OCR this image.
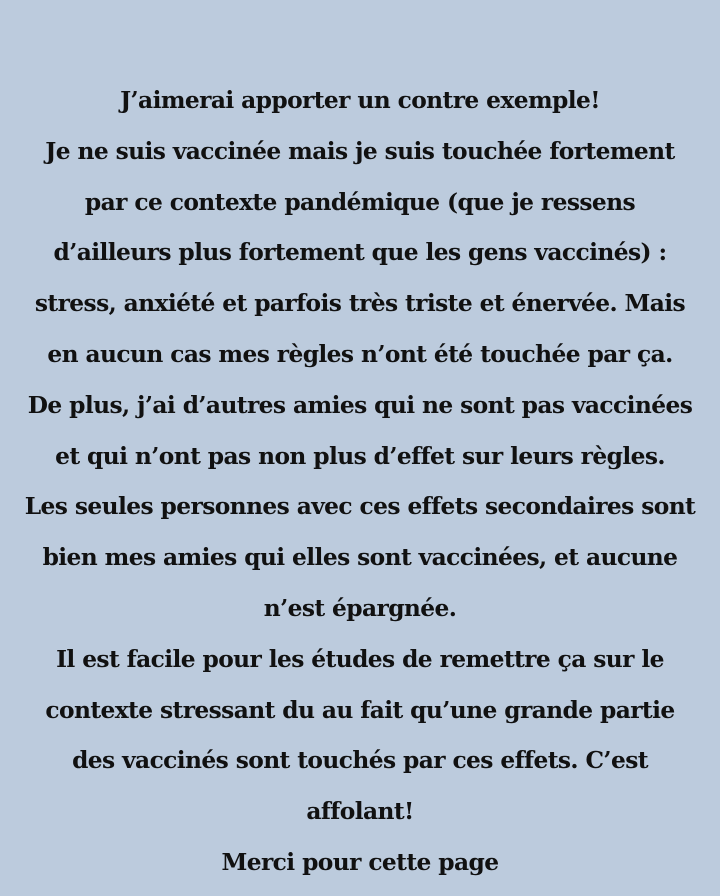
J’aimerai apporter un contre exemple!
Je ne suis vaccinée mais je suis touchée fortement
par ce contexte pandémique (que je ressens
d’ailleurs plus fortement que les gens vaccinés) :
stress, anxiété et parfois très triste et énervée. Mais
en aucun cas mes règles n’ont été touchée par ça.
De plus, j’ai d’autres amies qui ne sont pas vaccinées
et qui n’ont pas non plus d’effet sur leurs règles.
Les seules personnes avec ces effets secondaires sont
bien mes amies qui elles sont vaccinées, et aucune
n’est épargnée.
Il est facile pour les études de remettre ça sur le
contexte stressant du au fait qu’une grande partie
des vaccinés sont touchés par ces effets. C’est
affolant!
Merci pour cette page
